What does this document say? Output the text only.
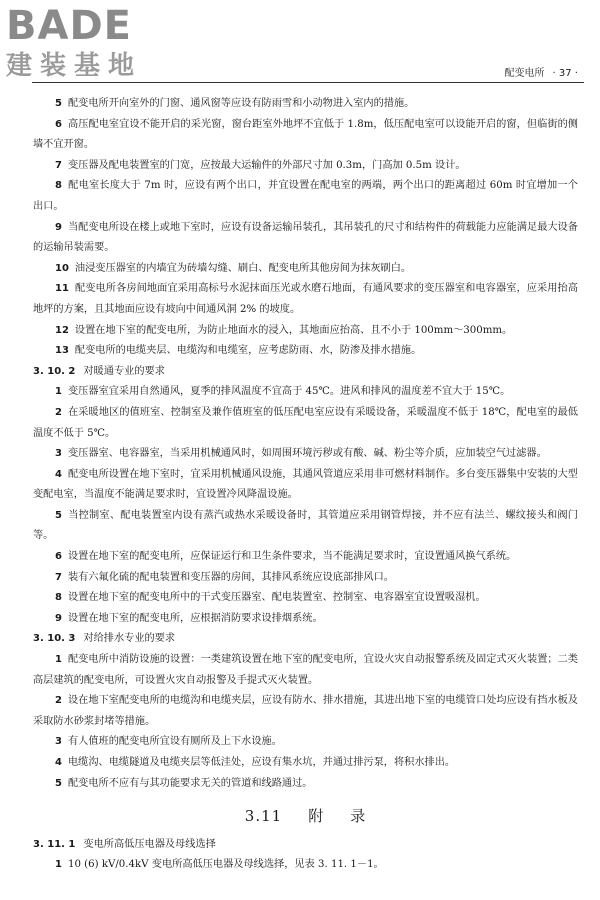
BADE
建装基地	配变电所 · 37 ·

5 配变电所开向室外的门窗、通风窗等应设有防雨雪和小动物进入室内的措施。

6 高压配电室宜设不能开启的采光窗，窗台距室外地坪不宜低于 1.8m，低压配电室可以设能开启的窗，但临街的侧墙不宜开窗。

7 变压器及配电装置室的门宽，应按最大运输件的外部尺寸加 0.3m，门高加 0.5m 设计。

8 配电室长度大于 7m 时，应设有两个出口，并宜设置在配电室的两端，两个出口的距离超过 60m 时宜增加一个出口。

9 当配变电所设在楼上或地下室时，应设有设备运输吊装孔，其吊装孔的尺寸和结构件的荷载能力应能满足最大设备的运输吊装需要。

10 油浸变压器室的内墙宜为砖墙勾缝、刷白、配变电所其他房间为抹灰刷白。

11 配变电所各房间地面宜采用高标号水泥抹面压光或水磨石地面，有通风要求的变压器室和电容器室，应采用抬高地坪的方案，且其地面应设有坡向中间通风洞 2% 的坡度。

12 设置在地下室的配变电所，为防止地面水的浸入，其地面应抬高、且不小于 100mm～300mm。

13 配变电所的电缆夹层、电缆沟和电缆室，应考虑防雨、水，防渗及排水措施。

3. 10. 2 对暖通专业的要求

1 变压器室宜采用自然通风，夏季的排风温度不宜高于 45℃。进风和排风的温度差不宜大于 15℃。

2 在采暖地区的值班室、控制室及兼作值班室的低压配电室应设有采暖设备，采暖温度不低于 18℃，配电室的最低温度不低于 5℃。

3 变压器室、电容器室，当采用机械通风时，如周围环境污秽或有酸、碱、粉尘等介质，应加装空气过滤器。

4 配变电所设置在地下室时，宜采用机械通风设施，其通风管道应采用非可燃材料制作。多台变压器集中安装的大型变配电室，当温度不能满足要求时，宜设置冷风降温设施。

5 当控制室、配电装置室内设有蒸汽或热水采暖设备时，其管道应采用钢管焊接，并不应有法兰、螺纹接头和阀门等。

6 设置在地下室的配变电所，应保证运行和卫生条件要求，当不能满足要求时，宜设置通风换气系统。

7 装有六氟化硫的配电装置和变压器的房间，其排风系统应设底部排风口。

8 设置在地下室的配变电所中的干式变压器室、配电装置室、控制室、电容器室宜设置吸湿机。

9 设置在地下室的配变电所，应根据消防要求设排烟系统。

3. 10. 3 对给排水专业的要求

1 配变电所中消防设施的设置：一类建筑设置在地下室的配变电所，宜设火灾自动报警系统及固定式灭火装置；二类高层建筑的配变电所，可设置火灾自动报警及手提式灭火装置。

2 设在地下室配变电所的电缆沟和电缆夹层，应设有防水、排水措施，其进出地下室的电缆管口处均应设有挡水板及采取防水砂浆封堵等措施。

3 有人值班的配变电所宜设有厕所及上下水设施。

4 电缆沟、电缆隧道及电缆夹层等低洼处，应设有集水坑，并通过排污泵，将积水排出。

5 配变电所不应有与其功能要求无关的管道和线路通过。

3.11 附 录

3. 11. 1 变电所高低压电器及母线选择

1 10 (6) kV/0.4kV 变电所高低压电器及母线选择，见表 3. 11. 1－1。
